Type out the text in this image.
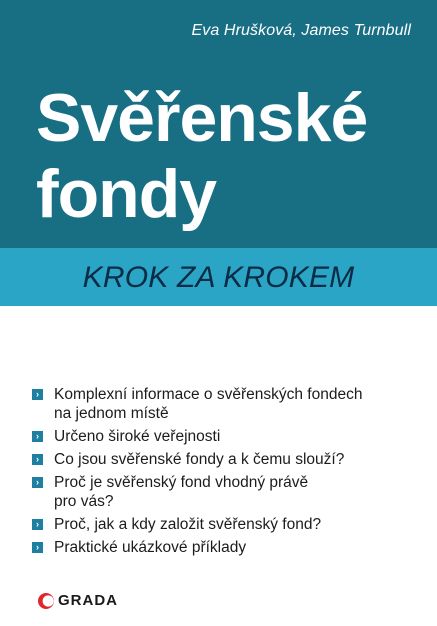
Eva Hrušková, James Turnbull
Svěřenské
fondy
KROK ZA KROKEM
› Komplexní informace o svěřenských fondech
na jednom místě
› Určeno široké veřejnosti
› Co jsou svěřenské fondy a k čemu slouží?
› Proč je svěřenský fond vhodný právě
pro vás?
› Proč, jak a kdy založit svěřenský fond?
› Praktické ukázkové příklady
GRADA
